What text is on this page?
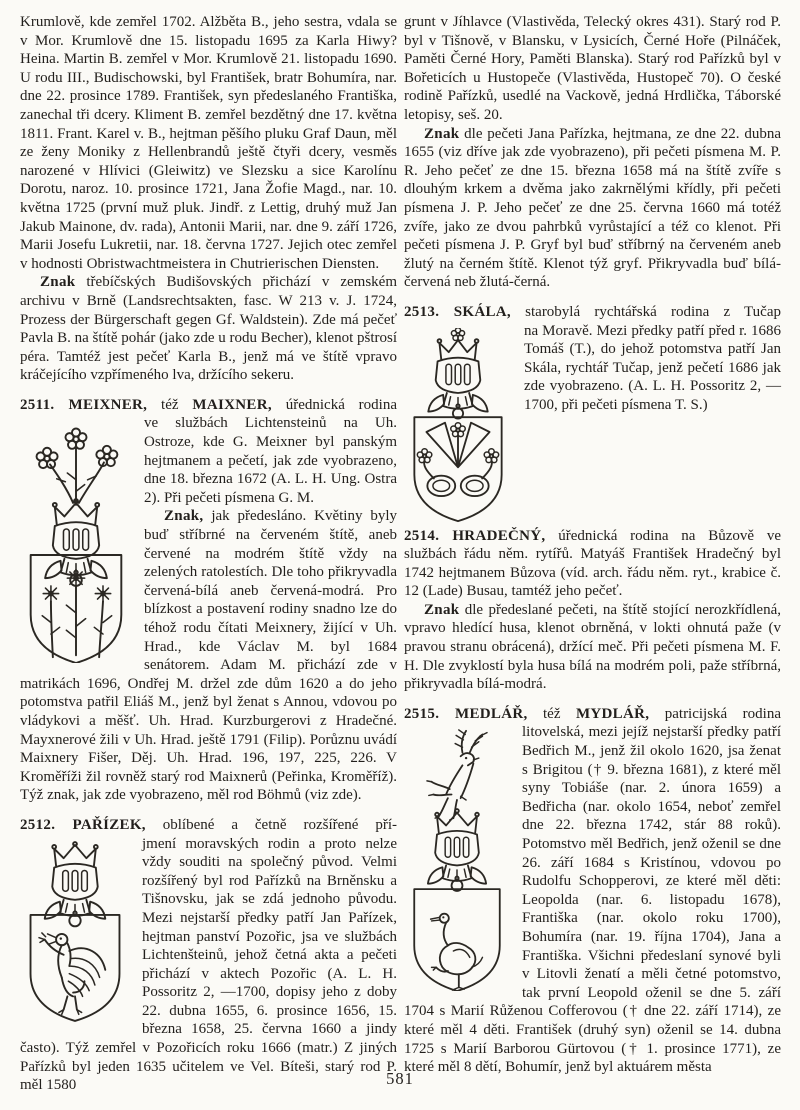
Krumlově, kde zemřel 1702. Alžběta B., jeho sestra, vdala se v Mor. Krumlově dne 15. listopadu 1695 za Karla Hiwy? Heina. Martin B. zemřel v Mor. Krumlově 21. listopadu 1690. U rodu III., Budischowski, byl František, bratr Bohumíra, nar. dne 22. prosince 1789. František, syn předeslaného Františka, zanechal tři dcery. Kliment B. zemřel bezdětný dne 17. května 1811. Frant. Karel v. B., hejtman pěšího pluku Graf Daun, měl ze ženy Moniky z Hellenbrandů ještě čtyři dcery, vesměs narozené v Hlívici (Gleiwitz) ve Slezsku a sice Karolínu Dorotu, naroz. 10. prosince 1721, Jana Žofie Magd., nar. 10. května 1725 (první muž pluk. Jindř. z Lettig, druhý muž Jan Jakub Mainone, dv. rada), Antonii Marii, nar. dne 9. září 1726, Marii Josefu Lukretii, nar. 18. června 1727. Jejich otec zemřel v hodnosti Obristwachtmeistera in Chutrierischen Diensten.

Znak třebíčských Budišovských přichází v zemském archivu v Brně (Landsrechtsakten, fasc. W 213 v. J. 1724, Prozess der Bürgerschaft gegen Gf. Waldstein). Zde má pečeť Pavla B. na štítě pohár (jako zde u rodu Becher), klenot pštrosí péra. Tamtéž jest pečeť Karla B., jenž má ve štítě vpravo kráčejícího vzpřímeného lva, držícího sekeru.

2511. MEIXNER, též MAIXNER, úřednická rodina

ve službách Lichtensteinů na Uh. Ostroze, kde G. Meixner byl panským hejtmanem a pečetí, jak zde vyobrazeno, dne 18. března 1672 (A. L. H. Ung. Ostra 2). Při pečeti písmena G. M.

Znak, jak předesláno. Květiny byly buď stříbrné na červeném štítě, aneb červené na modrém štítě vždy na zelených ratolestích. Dle toho přikryvadla červená-bílá aneb červená-modrá. Pro blízkost a postavení rodiny snadno lze do téhož rodu čítati Meixnery, žijící v Uh. Hrad., kde Václav M. byl 1684 senátorem. Adam M. přichází zde v matrikách 1696, Ondřej M. držel zde dům 1620 a do jeho potomstva patřil Eliáš M., jenž byl ženat s Annou, vdovou po vládykovi a měšť. Uh. Hrad. Kurzburgerovi z Hradečné. Mayxnerové žili v Uh. Hrad. ještě 1791 (Filip). Porůznu uvádí Maixnery Fišer, Děj. Uh. Hrad. 196, 197, 225, 226. V Kroměříži žil rovněž starý rod Maixnerů (Peřinka, Kroměříž). Týž znak, jak zde vyobrazeno, měl rod Böhmů (viz zde).

2512. PAŘÍZEK, oblíbené a četně rozšířené pří-

jmení moravských rodin a proto nelze vždy souditi na společný původ. Velmi rozšířený byl rod Pařízků na Brněnsku a Tišnovsku, jak se zdá jednoho původu. Mezi nejstarší předky patří Jan Pařízek, hejtman panství Pozořic, jsa ve službách Lichtenšteinů, jehož četná akta a pečeti přichází v aktech Pozořic (A. L. H. Possoritz 2, —1700, dopisy jeho z doby 22. dubna 1655, 6. prosince 1656, 15. března 1658, 25. června 1660 a jindy často). Týž zemřel v Pozořicích roku 1666 (matr.) Z jiných Pařízků byl jeden 1635 učitelem ve Vel. Bíteši, starý rod P. měl 1580

grunt v Jíhlavce (Vlastivěda, Telecký okres 431). Starý rod P. byl v Tišnově, v Blansku, v Lysicích, Černé Hoře (Pilnáček, Paměti Černé Hory, Paměti Blanska). Starý rod Pařízků byl v Bořeticích u Hustopeče (Vlastivěda, Hustopeč 70). O české rodině Pařízků, usedlé na Vackově, jedná Hrdlička, Táborské letopisy, seš. 20.

Znak dle pečeti Jana Pařízka, hejtmana, ze dne 22. dubna 1655 (viz dříve jak zde vyobrazeno), při pečeti písmena M. P. R. Jeho pečeť ze dne 15. března 1658 má na štítě zvíře s dlouhým krkem a dvěma jako zakrnělými křídly, při pečeti písmena J. P. Jeho pečeť ze dne 25. června 1660 má totéž zvíře, jako ze dvou pahrbků vyrůstající a též co klenot. Při pečeti písmena J. P. Gryf byl buď stříbrný na červeném aneb žlutý na černém štítě. Klenot týž gryf. Přikryvadla buď bílá-červená neb žlutá-černá.

2513. SKÁLA, starobylá rychtářská rodina z Tučap

na Moravě. Mezi předky patří před r. 1686 Tomáš (T.), do jehož potomstva patří Jan Skála, rychtář Tučap, jenž pečetí 1686 jak zde vyobrazeno. (A. L. H. Possoritz 2, —1700, při pečeti písmena T. S.)

2514. HRADEČNÝ, úřednická rodina na Bůzově ve službách řádu něm. rytířů. Matyáš František Hradečný byl 1742 hejtmanem Bůzova (víd. arch. řádu něm. ryt., krabice č. 12 (Lade) Busau, tamtéž jeho pečeť.

Znak dle předeslané pečeti, na štítě stojící nerozkřídlená, vpravo hledící husa, klenot obrněná, v lokti ohnutá paže (v pravou stranu obrácená), držící meč. Při pečeti písmena M. F. H. Dle zvyklostí byla husa bílá na modrém poli, paže stříbrná, přikryvadla bílá-modrá.

2515. MEDLÁŘ, též MYDLÁŘ, patricijská rodina

litovelská, mezi jejíž nejstarší předky patří Bedřich M., jenž žil okolo 1620, jsa ženat s Brigitou († 9. března 1681), z které měl syny Tobiáše (nar. 2. února 1659) a Bedřicha (nar. okolo 1654, neboť zemřel dne 22. března 1742, stár 88 roků). Potomstvo měl Bedřich, jenž oženil se dne 26. září 1684 s Kristínou, vdovou po Rudolfu Schopperovi, ze které měl děti: Leopolda (nar. 6. listopadu 1678), Františka (nar. okolo roku 1700), Bohumíra (nar. 19. října 1704), Jana a Františka. Všichni předeslaní synové byli v Litovli ženatí a měli četné potomstvo, tak první Leopold oženil se dne 5. září 1704 s Marií Růženou Cofferovou († dne 22. září 1714), ze které měl 4 děti. František (druhý syn) oženil se 14. dubna 1725 s Marií Barborou Gürtovou († 1. prosince 1771), ze které měl 8 dětí, Bohumír, jenž byl aktuárem města

581
